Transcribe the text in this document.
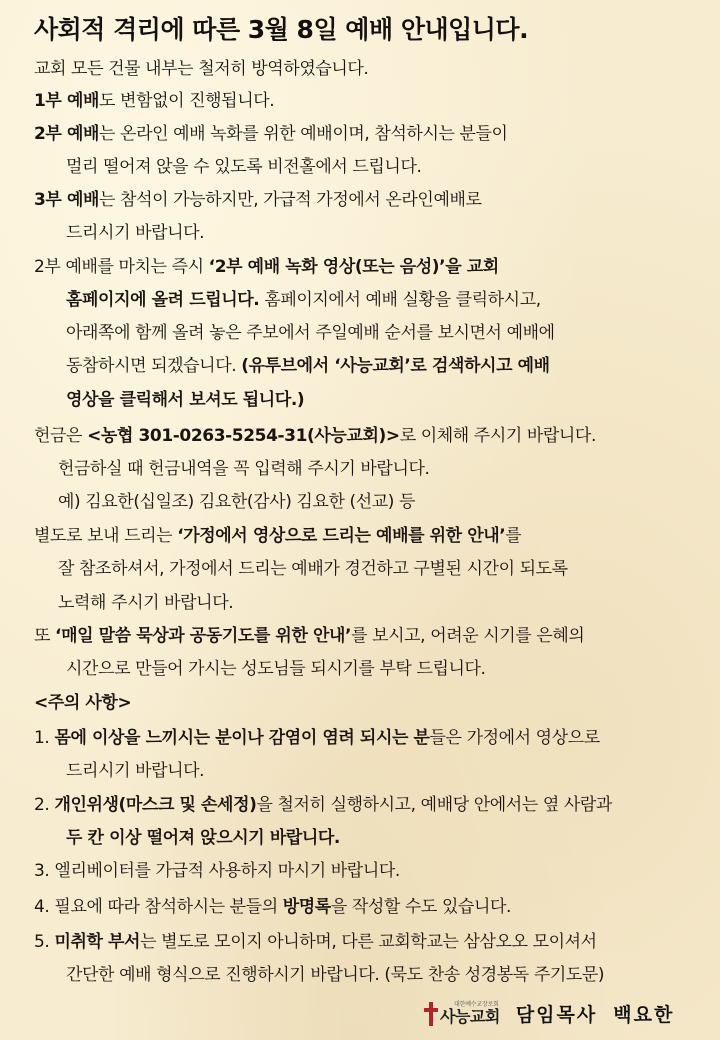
사회적 격리에 따른 3월 8일 예배 안내입니다.
교회 모든 건물 내부는 철저히 방역하였습니다.
1부 예배도 변함없이 진행됩니다.
2부 예배는 온라인 예배 녹화를 위한 예배이며, 참석하시는 분들이
멀리 떨어져 앉을 수 있도록 비전홀에서 드립니다.
3부 예배는 참석이 가능하지만, 가급적 가정에서 온라인예배로
드리시기 바랍니다.
2부 예배를 마치는 즉시 ‘2부 예배 녹화 영상(또는 음성)’을 교회
홈페이지에 올려 드립니다. 홈페이지에서 예배 실황을 클릭하시고,
아래쪽에 함께 올려 놓은 주보에서 주일예배 순서를 보시면서 예배에
동참하시면 되겠습니다. (유투브에서 ‘사능교회’로 검색하시고 예배
영상을 클릭해서 보셔도 됩니다.)
헌금은 <농협 301-0263-5254-31(사능교회)>로 이체해 주시기 바랍니다.
헌금하실 때 헌금내역을 꼭 입력해 주시기 바랍니다.
예) 김요한(십일조) 김요한(감사) 김요한 (선교) 등
별도로 보내 드리는 ‘가정에서 영상으로 드리는 예배를 위한 안내’를
잘 참조하셔서, 가정에서 드리는 예배가 경건하고 구별된 시간이 되도록
노력해 주시기 바랍니다.
또 ‘매일 말씀 묵상과 공동기도를 위한 안내’를 보시고, 어려운 시기를 은혜의
시간으로 만들어 가시는 성도님들 되시기를 부탁 드립니다.
<주의 사항>
1. 몸에 이상을 느끼시는 분이나 감염이 염려 되시는 분들은 가정에서 영상으로
드리시기 바랍니다.
2. 개인위생(마스크 및 손세정)을 철저히 실행하시고, 예배당 안에서는 옆 사람과
두 칸 이상 떨어져 앉으시기 바랍니다.
3. 엘리베이터를 가급적 사용하지 마시기 바랍니다.
4. 필요에 따라 참석하시는 분들의 방명록을 작성할 수도 있습니다.
5. 미취학 부서는 별도로 모이지 아니하며, 다른 교회학교는 삼삼오오 모이셔서
간단한 예배 형식으로 진행하시기 바랍니다. (묵도 찬송 성경봉독 주기도문)
대한예수교장로회
사능교회 담임목사 백요한
